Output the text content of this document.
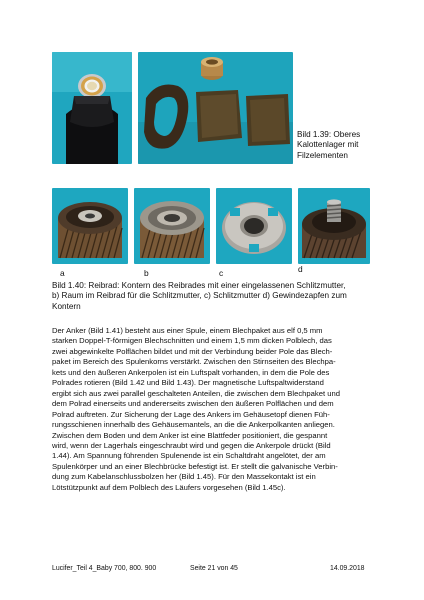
Bild 1.39: Oberes
Kalottenlager mit
Filzelementen
a	b	c	d
Bild 1.40: Reibrad: Kontern des Reibrades mit einer eingelassenen Schlitzmutter,
b) Raum im Reibrad für die Schlitzmutter, c) Schlitzmutter d) Gewindezapfen zum
Kontern
Der Anker (Bild 1.41) besteht aus einer Spule, einem Blechpaket aus elf 0,5 mm
starken Doppel-T-förmigen Blechschnitten und einem 1,5 mm dicken Polblech, das
zwei abgewinkelte Polflächen bildet und mit der Verbindung beider Pole das Blech-
paket im Bereich des Spulenkorns verstärkt. Zwischen den Stirnseiten des Blechpa-
kets und den äußeren Ankerpolen ist ein Luftspalt vorhanden, in dem die Pole des
Polrades rotieren (Bild 1.42 und Bild 1.43). Der magnetische Luftspaltwiderstand
ergibt sich aus zwei parallel geschalteten Anteilen, die zwischen dem Blechpaket und
dem Polrad einerseits und andererseits zwischen den äußeren Polflächen und dem
Polrad auftreten. Zur Sicherung der Lage des Ankers im Gehäusetopf dienen Füh-
rungsschienen innerhalb des Gehäusemantels, an die die Ankerpolkanten anliegen.
Zwischen dem Boden und dem Anker ist eine Blattfeder positioniert, die gespannt
wird, wenn der Lagerhals eingeschraubt wird und gegen die Ankerpole drückt (Bild
1.44). Am Spannung führenden Spulenende ist ein Schaltdraht angelötet, der am
Spulenkörper und an einer Blechbrücke befestigt ist. Er stellt die galvanische Verbin-
dung zum Kabelanschlussbolzen her (Bild 1.45). Für den Massekontakt ist ein
Lötstützpunkt auf dem Polblech des Läufers vorgesehen (Bild 1.45c).
Lucifer_Teil 4_Baby 700, 800. 900	Seite 21 von 45	14.09.2018
